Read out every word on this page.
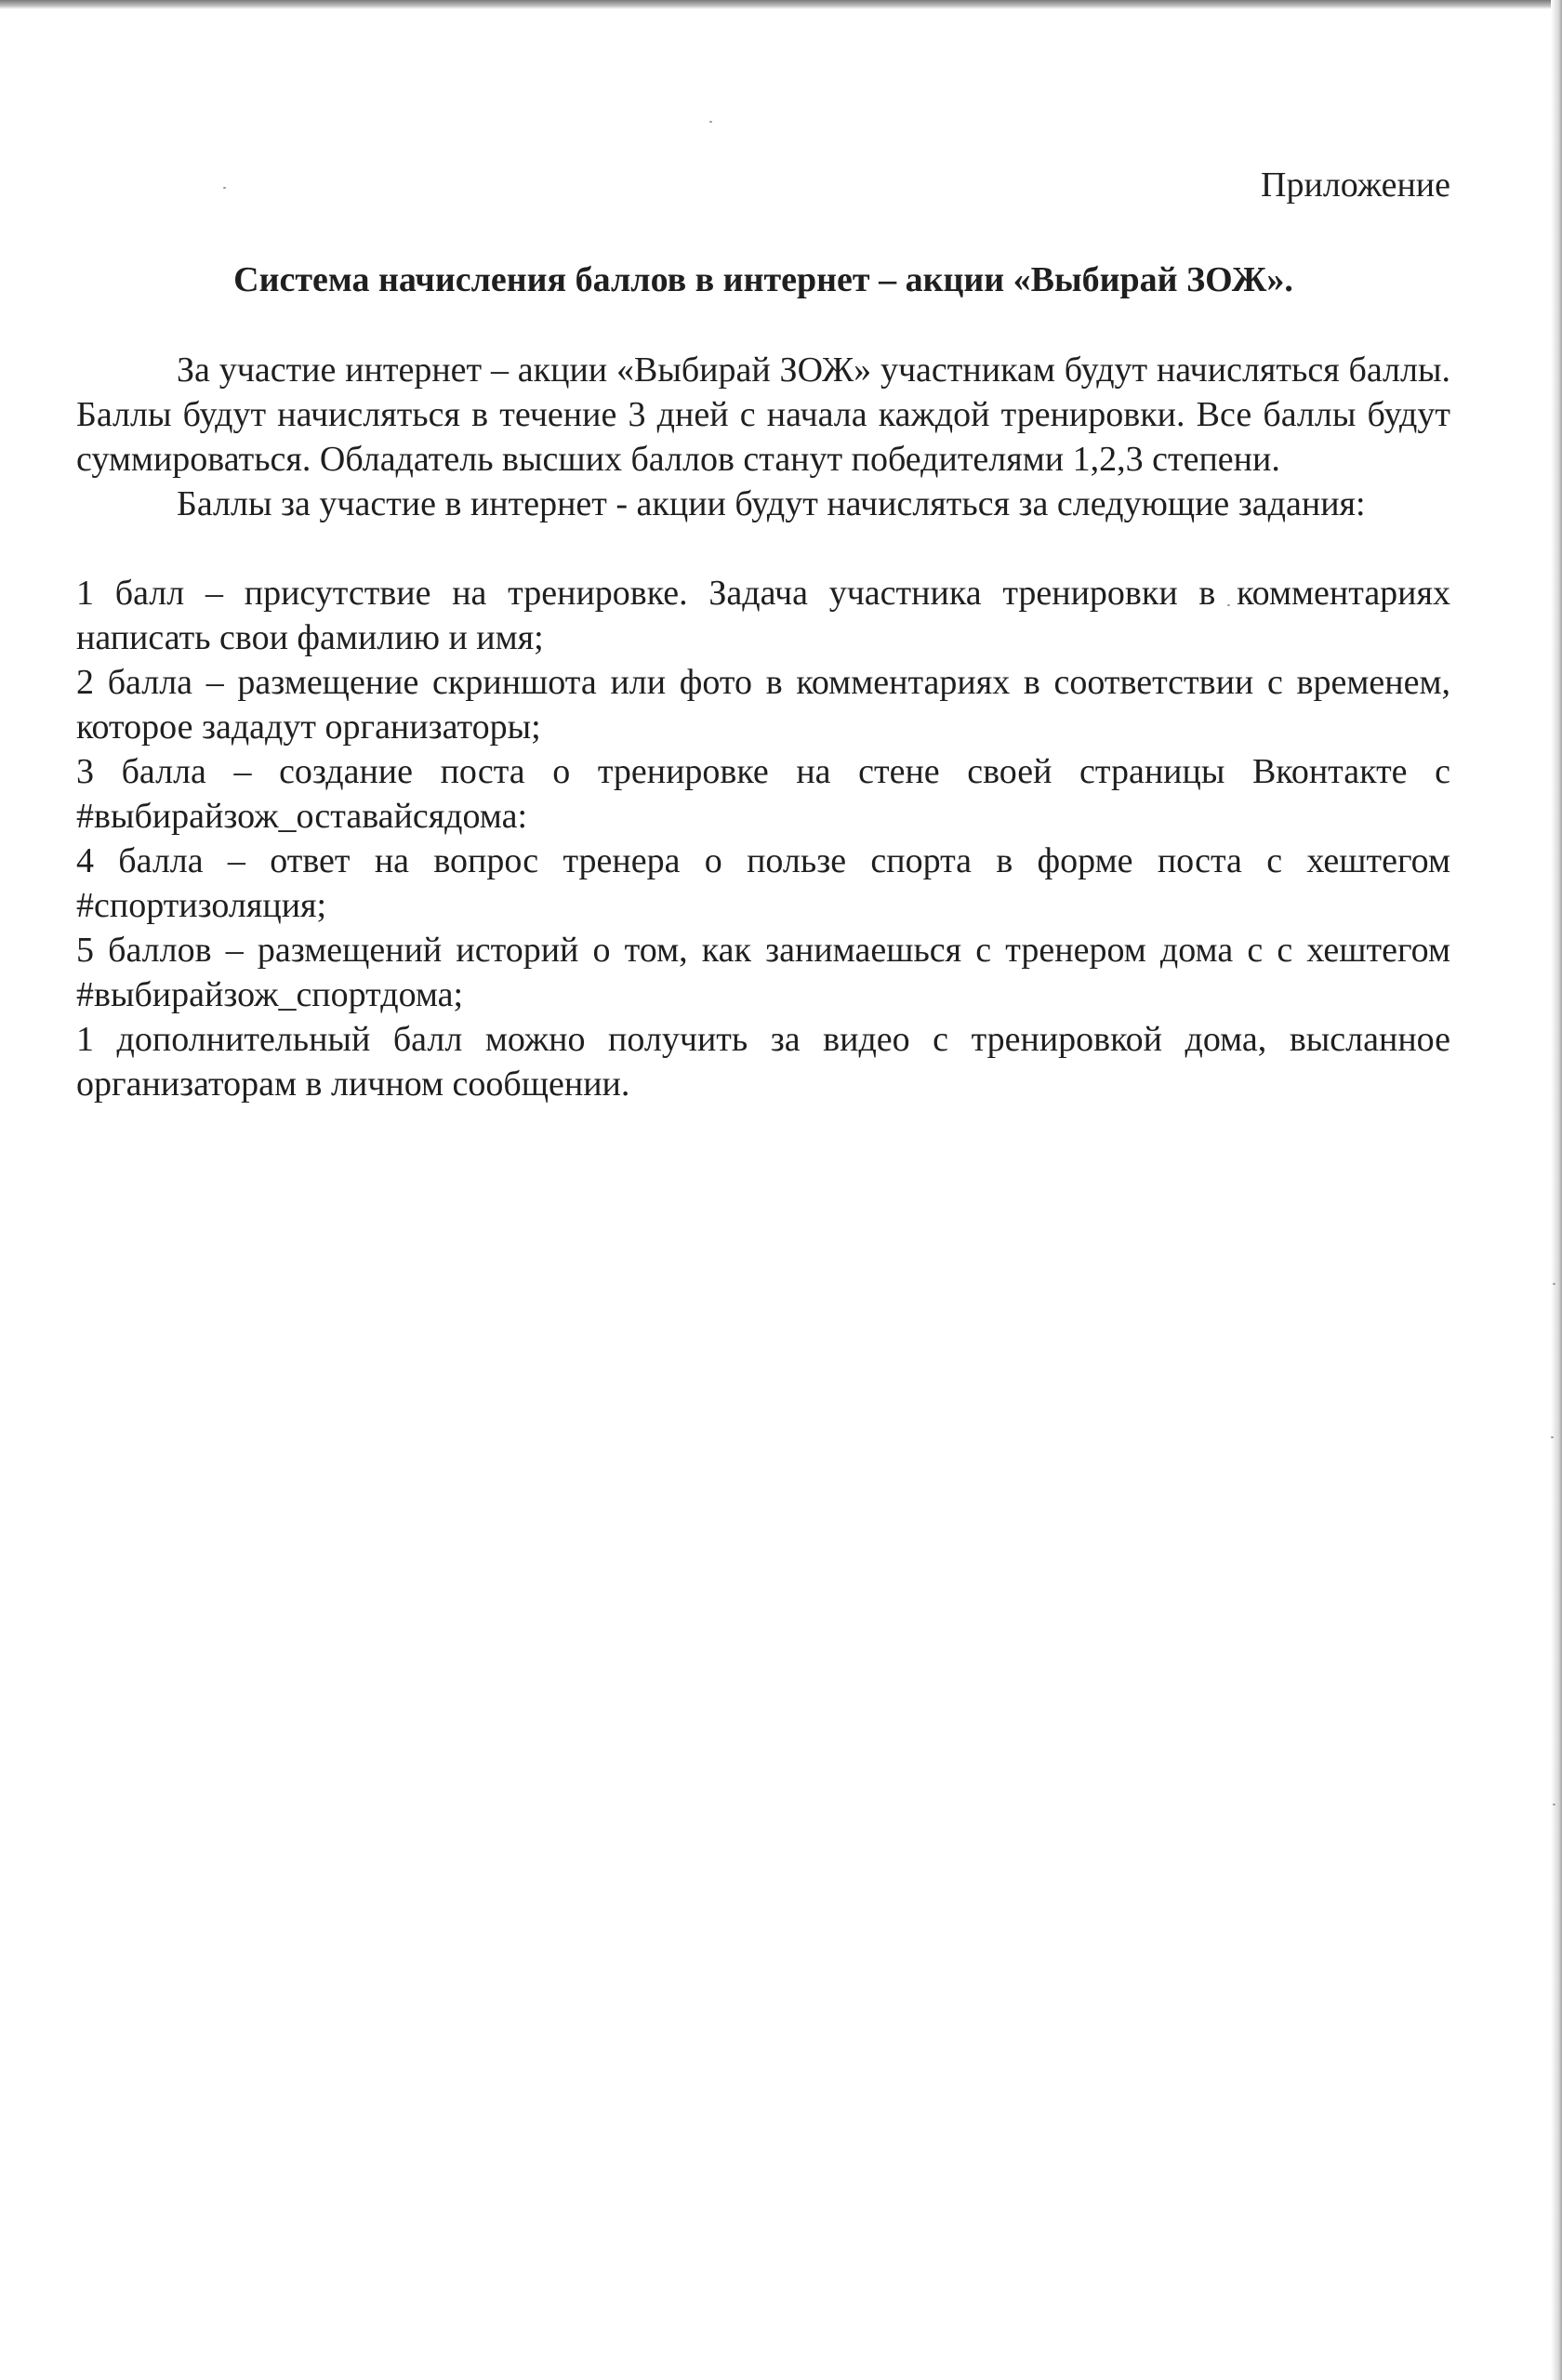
Приложение
Система начисления баллов в интернет – акции «Выбирай ЗОЖ».

За участие интернет – акции «Выбирай ЗОЖ» участникам будут начисляться баллы. Баллы будут начисляться в течение 3 дней с начала каждой тренировки. Все баллы будут суммироваться. Обладатель высших баллов станут победителями 1,2,3 степени.

Баллы за участие в интернет - акции будут начисляться за следующие задания:

1 балл – присутствие на тренировке. Задача участника тренировки в комментариях написать свои фамилию и имя;

2 балла – размещение скриншота или фото в комментариях в соответствии с временем, которое зададут организаторы;

3 балла – создание поста о тренировке на стене своей страницы Вконтакте с #выбирайзож_оставайсядома:

4 балла – ответ на вопрос тренера о пользе спорта в форме поста с хештегом #спортизоляция;

5 баллов – размещений историй о том, как занимаешься с тренером дома с с хештегом #выбирайзож_спортдома;

1 дополнительный балл можно получить за видео с тренировкой дома, высланное организаторам в личном сообщении.
